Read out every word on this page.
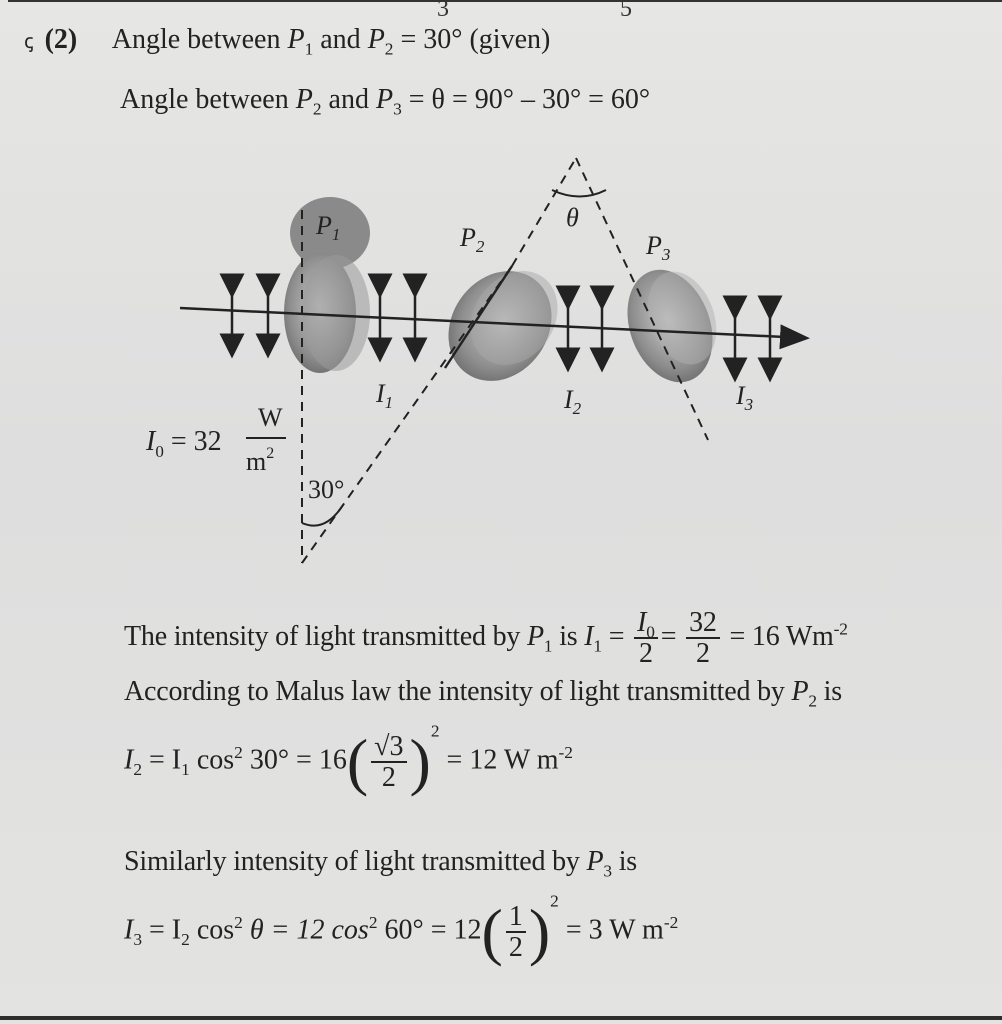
3	5
ꞔ (2) Angle between $P_1$ and $P_2 = 30^\circ$ (given)
Angle between $P_2$ and $P_3 = \theta = 90^\circ - 30^\circ = 60^\circ$
$P_1$	$P_2$	$P_3$
θ
$I_1$	$I_2$	$I_3$
30°
$I_0 = 32$
W
$m^2$
The intensity of light transmitted by $P_1$ is $I_1 = \frac{I_0}{2} = \frac{32}{2} = 16$ $Wm^{-2}$
According to Malus law the intensity of light transmitted by $P_2$ is
$I_2 = I_1$ $\cos^2 30^\circ = 16( \frac{√3}{2} )^2 = 12$ W $m^{-2}$
Similarly intensity of light transmitted by $P_3$ is
$I_3 = I_2$ $\cos^2 \theta = 12$ $\cos^2 60^\circ = 12( \frac{1}{2} )^2 = 3$ W $m^{-2}$
